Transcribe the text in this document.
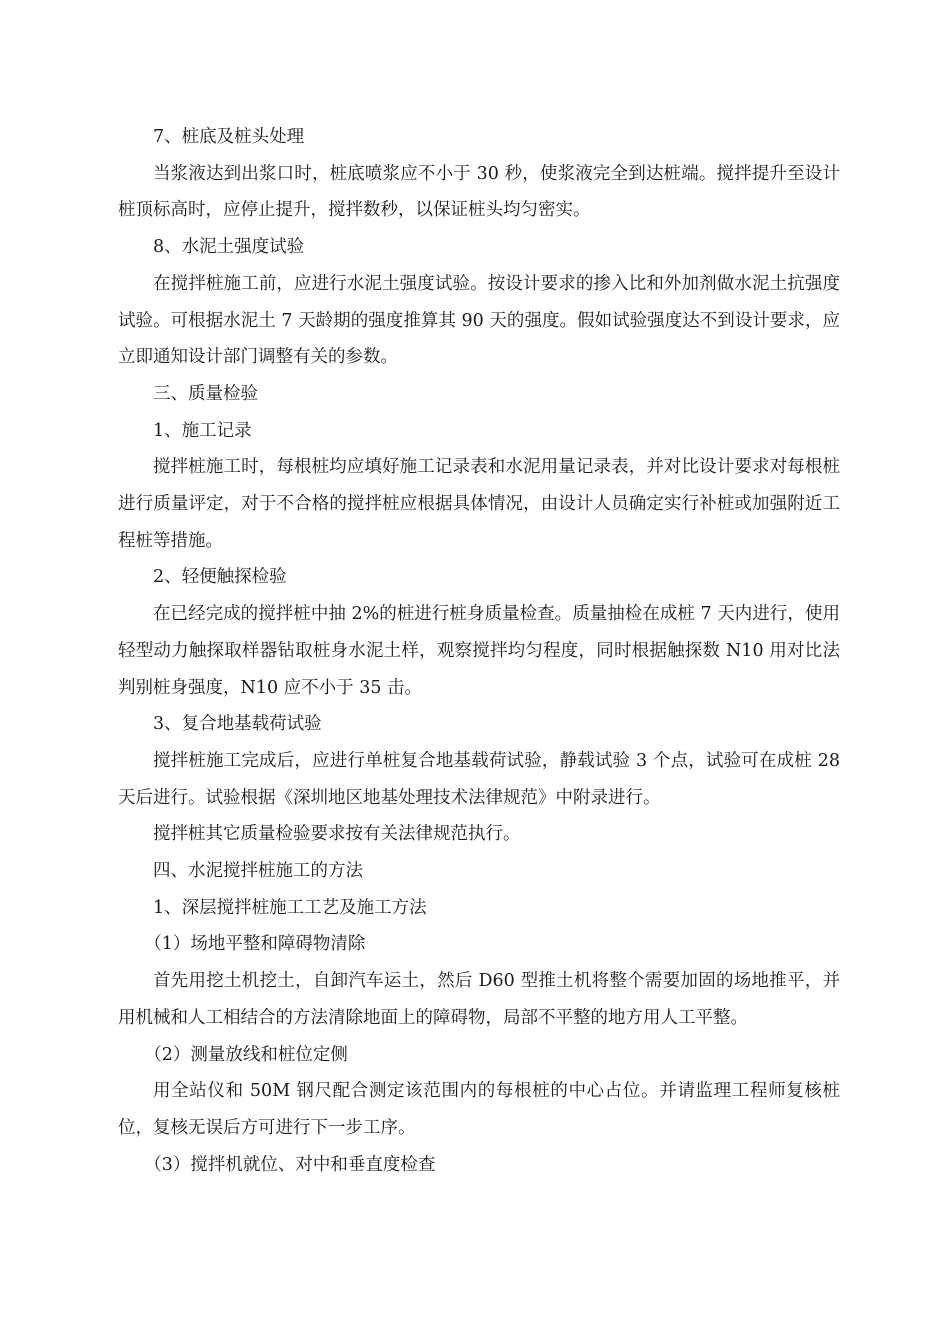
7、桩底及桩头处理

当浆液达到出浆口时，桩底喷浆应不小于 30 秒，使浆液完全到达桩端。搅拌提升至设计桩顶标高时，应停止提升，搅拌数秒，以保证桩头均匀密实。

8、水泥土强度试验

在搅拌桩施工前，应进行水泥土强度试验。按设计要求的掺入比和外加剂做水泥土抗强度试验。可根据水泥土 7 天龄期的强度推算其 90 天的强度。假如试验强度达不到设计要求，应立即通知设计部门调整有关的参数。

三、质量检验

1、施工记录

搅拌桩施工时，每根桩均应填好施工记录表和水泥用量记录表，并对比设计要求对每根桩进行质量评定，对于不合格的搅拌桩应根据具体情况，由设计人员确定实行补桩或加强附近工程桩等措施。

2、轻便触探检验

在已经完成的搅拌桩中抽 2%的桩进行桩身质量检查。质量抽检在成桩 7 天内进行，使用轻型动力触探取样器钻取桩身水泥土样，观察搅拌均匀程度，同时根据触探数 N10 用对比法判别桩身强度，N10 应不小于 35 击。

3、复合地基载荷试验

搅拌桩施工完成后，应进行单桩复合地基载荷试验，静载试验 3 个点，试验可在成桩 28 天后进行。试验根据《深圳地区地基处理技术法律规范》中附录进行。

搅拌桩其它质量检验要求按有关法律规范执行。

四、水泥搅拌桩施工的方法

1、深层搅拌桩施工工艺及施工方法

（1）场地平整和障碍物清除

首先用挖土机挖土，自卸汽车运土，然后 D60 型推土机将整个需要加固的场地推平，并用机械和人工相结合的方法清除地面上的障碍物，局部不平整的地方用人工平整。

（2）测量放线和桩位定侧

用全站仪和 50M 钢尺配合测定该范围内的每根桩的中心占位。并请监理工程师复核桩位，复核无误后方可进行下一步工序。

（3）搅拌机就位、对中和垂直度检查
